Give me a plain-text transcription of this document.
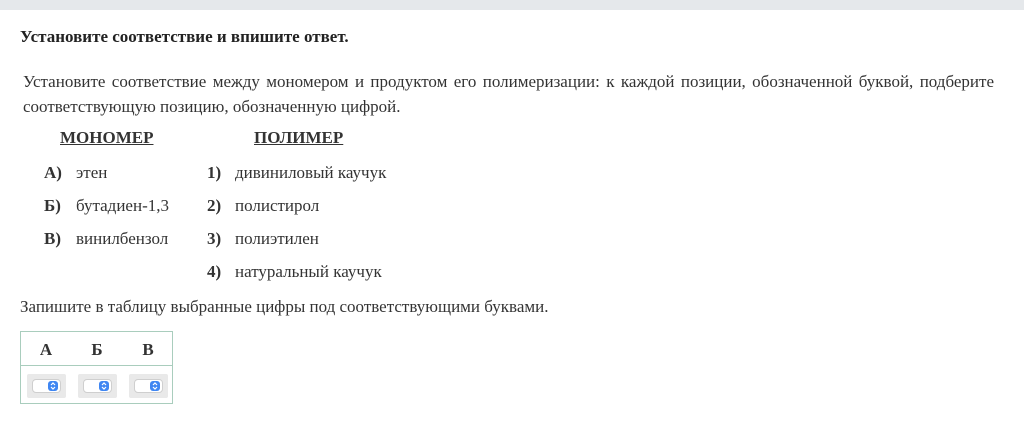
Установите соответствие и впишите ответ.
Установите соответствие между мономером и продуктом его полимеризации: к каждой позиции, обозначенной буквой, подберите соответствующую позицию, обозначенную цифрой.
МОНОМЕР	ПОЛИМЕР
А) этен
Б) бутадиен-1,3
В) винилбензол
1) дивиниловый каучук
2) полистирол
3) полиэтилен
4) натуральный каучук
Запишите в таблицу выбранные цифры под соответствующими буквами.
А Б В
